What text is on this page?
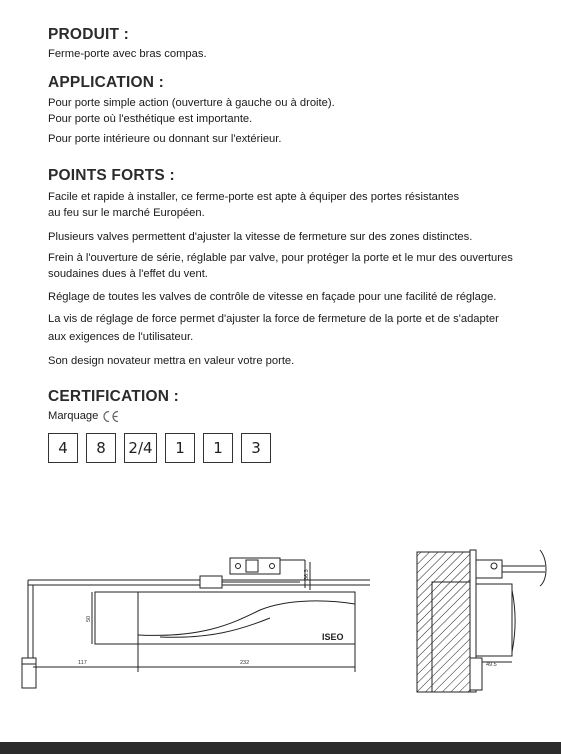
PRODUIT :
Ferme-porte avec bras compas.
APPLICATION :
Pour porte simple action (ouverture à gauche ou à droite).
Pour porte où l'esthétique est importante.
Pour porte intérieure ou donnant sur l'extérieur.
POINTS FORTS :
Facile et rapide à installer, ce ferme-porte est apte à équiper des portes résistantes
au feu sur le marché Européen.
Plusieurs valves permettent d'ajuster la vitesse de fermeture sur des zones distinctes.
Frein à l'ouverture de série, réglable par valve, pour protéger la porte et le mur des ouvertures
soudaines dues à l'effet du vent.
Réglage de toutes les valves de contrôle de vitesse en façade pour une facilité de réglage.
La vis de réglage de force permet d'ajuster la force de fermeture de la porte et de s'adapter
aux exigences de l'utilisateur.
Son design novateur mettra en valeur votre porte.
CERTIFICATION :
Marquage
4	8	2/4	1	1	3
117	232
50
36.3
ISEO
49.5
